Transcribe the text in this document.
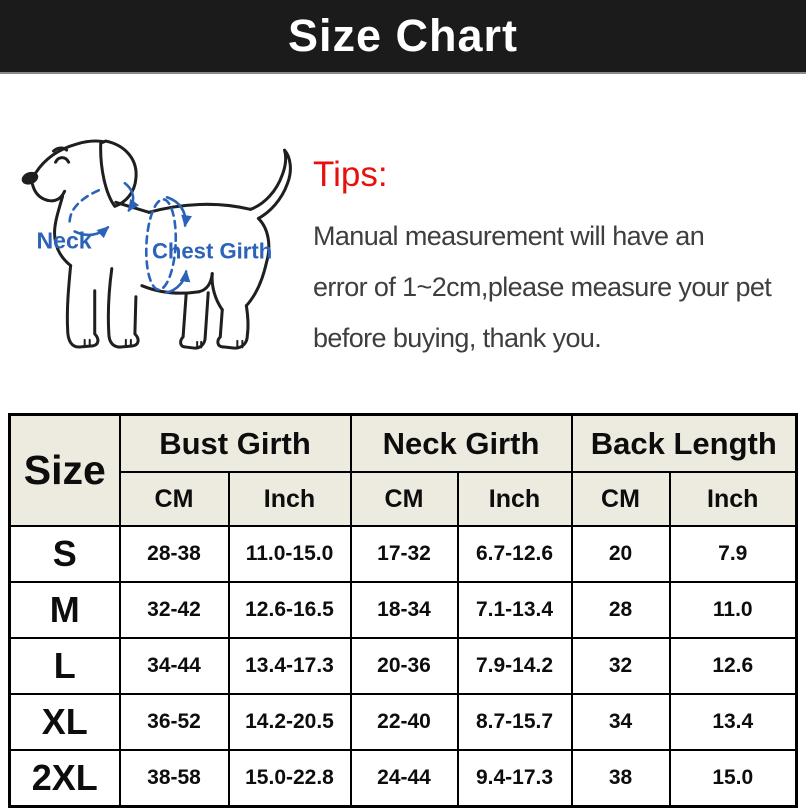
Size Chart
Neck	Chest Girth
Tips:

Manual measurement will have an

error of 1~2cm,please measure your pet

before buying, thank you.

Size	Bust Girth		Neck Girth		Back Length	
	CM	Inch	CM	Inch	CM	Inch
S	28-38	11.0-15.0	17-32	6.7-12.6	20	7.9
M	32-42	12.6-16.5	18-34	7.1-13.4	28	11.0
L	34-44	13.4-17.3	20-36	7.9-14.2	32	12.6
XL	36-52	14.2-20.5	22-40	8.7-15.7	34	13.4
2XL	38-58	15.0-22.8	24-44	9.4-17.3	38	15.0
